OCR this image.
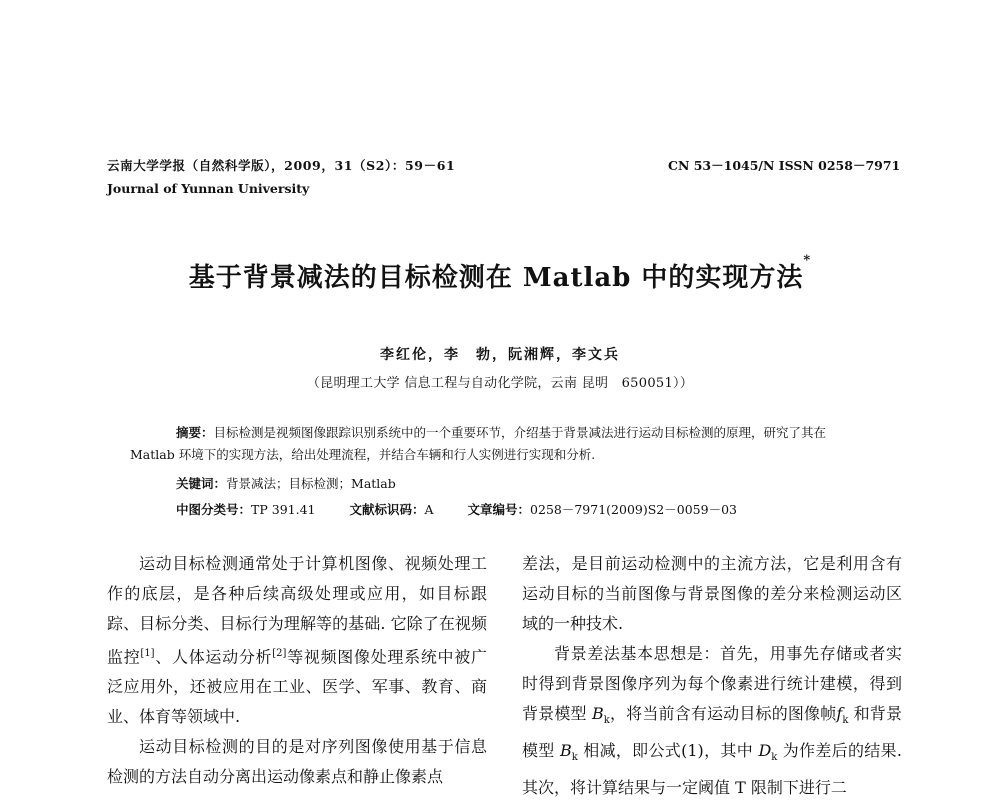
云南大学学报（自然科学版），2009，31（S2）：59－61	CN 53－1045/N ISSN 0258－7971
Journal of Yunnan University
基于背景减法的目标检测在 Matlab 中的实现方法*
李红伦，李　勃，阮湘辉，李文兵
（昆明理工大学 信息工程与自动化学院，云南 昆明　650051））
摘要：目标检测是视频图像跟踪识别系统中的一个重要环节，介绍基于背景减法进行运动目标检测的原理，研究了其在 Matlab 环境下的实现方法，给出处理流程，并结合车辆和行人实例进行实现和分析.
关键词：背景减法；目标检测；Matlab
中图分类号：TP 391.41	文献标识码：A	文章编号：0258－7971(2009)S2－0059－03

运动目标检测通常处于计算机图像、视频处理工作的底层，是各种后续高级处理或应用，如目标跟踪、目标分类、目标行为理解等的基础. 它除了在视频监控[1]、人体运动分析[2]等视频图像处理系统中被广泛应用外，还被应用在工业、医学、军事、教育、商业、体育等领域中.

运动目标检测的目的是对序列图像使用基于信息检测的方法自动分离出运动像素点和静止像素点

差法，是目前运动检测中的主流方法，它是利用含有运动目标的当前图像与背景图像的差分来检测运动区域的一种技术.

背景差法基本思想是：首先，用事先存储或者实时得到背景图像序列为每个像素进行统计建模，得到背景模型 $B_k$，将当前含有运动目标的图像帧$f_k$ 和背景模型 $B_k$ 相减，即公式(1)，其中 $D_k$ 为作差后的结果. 其次，将计算结果与一定阈值 T 限制下进行二
